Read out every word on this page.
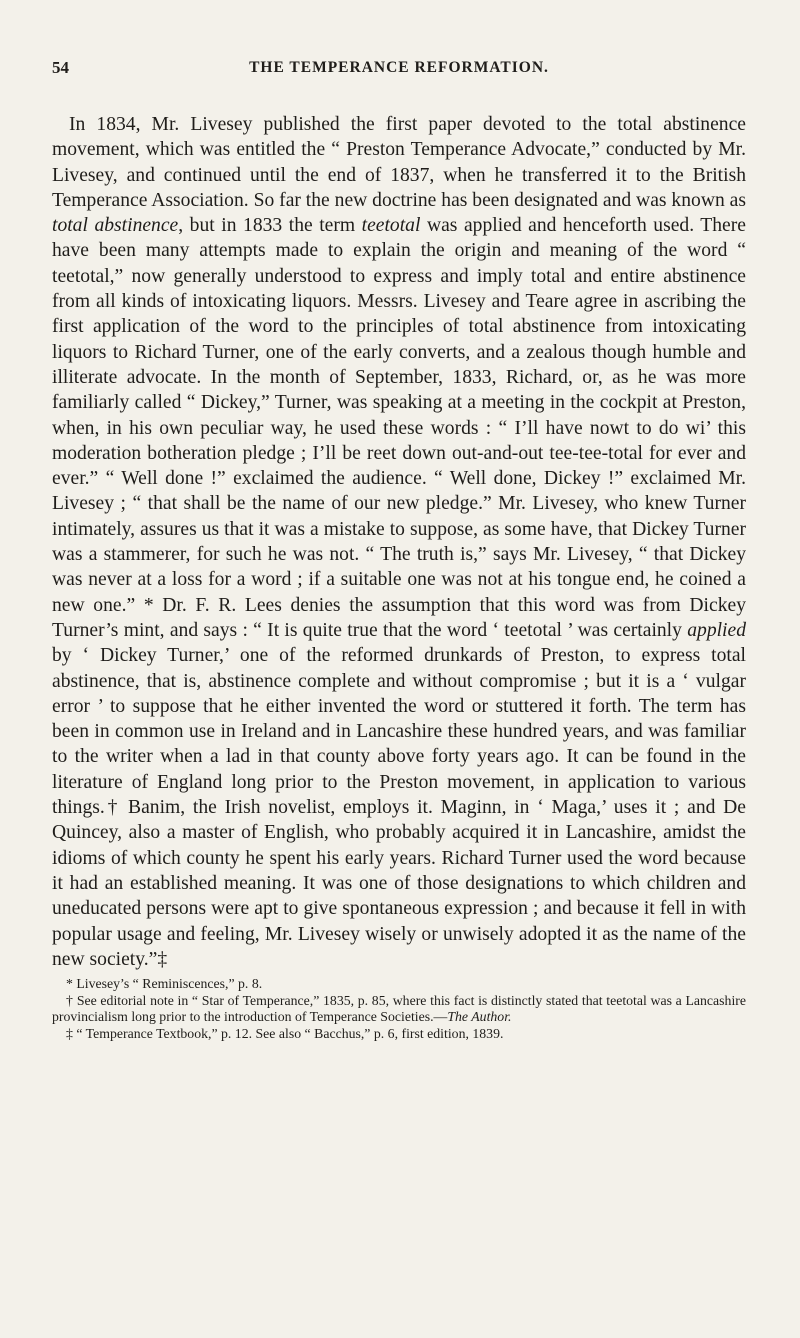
54	THE TEMPERANCE REFORMATION.

In 1834, Mr. Livesey published the first paper devoted to the total abstinence movement, which was entitled the “ Preston Temperance Advocate,” conducted by Mr. Livesey, and continued until the end of 1837, when he transferred it to the British Temperance Association. So far the new doctrine has been designated and was known as total abstinence, but in 1833 the term teetotal was applied and henceforth used. There have been many attempts made to explain the origin and meaning of the word “ teetotal,” now generally understood to express and imply total and entire abstinence from all kinds of intoxicating liquors. Messrs. Livesey and Teare agree in ascribing the first application of the word to the principles of total abstinence from intoxicating liquors to Richard Turner, one of the early converts, and a zealous though humble and illiterate advocate. In the month of September, 1833, Richard, or, as he was more familiarly called “ Dickey,” Turner, was speaking at a meeting in the cockpit at Preston, when, in his own peculiar way, he used these words : “ I’ll have nowt to do wi’ this moderation botheration pledge ; I’ll be reet down out-and-out tee-tee-total for ever and ever.” “ Well done !” exclaimed the audience. “ Well done, Dickey !” exclaimed Mr. Livesey ; “ that shall be the name of our new pledge.” Mr. Livesey, who knew Turner intimately, assures us that it was a mistake to suppose, as some have, that Dickey Turner was a stammerer, for such he was not. “ The truth is,” says Mr. Livesey, “ that Dickey was never at a loss for a word ; if a suitable one was not at his tongue end, he coined a new one.” * Dr. F. R. Lees denies the assumption that this word was from Dickey Turner’s mint, and says : “ It is quite true that the word ‘ teetotal ’ was certainly applied by ‘ Dickey Turner,’ one of the reformed drunkards of Preston, to express total abstinence, that is, abstinence complete and without compromise ; but it is a ‘ vulgar error ’ to suppose that he either invented the word or stuttered it forth. The term has been in common use in Ireland and in Lancashire these hundred years, and was familiar to the writer when a lad in that county above forty years ago. It can be found in the literature of England long prior to the Preston movement, in application to various things.† Banim, the Irish novelist, employs it. Maginn, in ‘ Maga,’ uses it ; and De Quincey, also a master of English, who probably acquired it in Lancashire, amidst the idioms of which county he spent his early years. Richard Turner used the word because it had an established meaning. It was one of those designations to which children and uneducated persons were apt to give spontaneous expression ; and because it fell in with popular usage and feeling, Mr. Livesey wisely or unwisely adopted it as the name of the new society.”‡

* Livesey’s “ Reminiscences,” p. 8.

† See editorial note in “ Star of Temperance,” 1835, p. 85, where this fact is distinctly stated that teetotal was a Lancashire provincialism long prior to the introduction of Temperance Societies.—The Author.

‡ “ Temperance Textbook,” p. 12. See also “ Bacchus,” p. 6, first edition, 1839.
